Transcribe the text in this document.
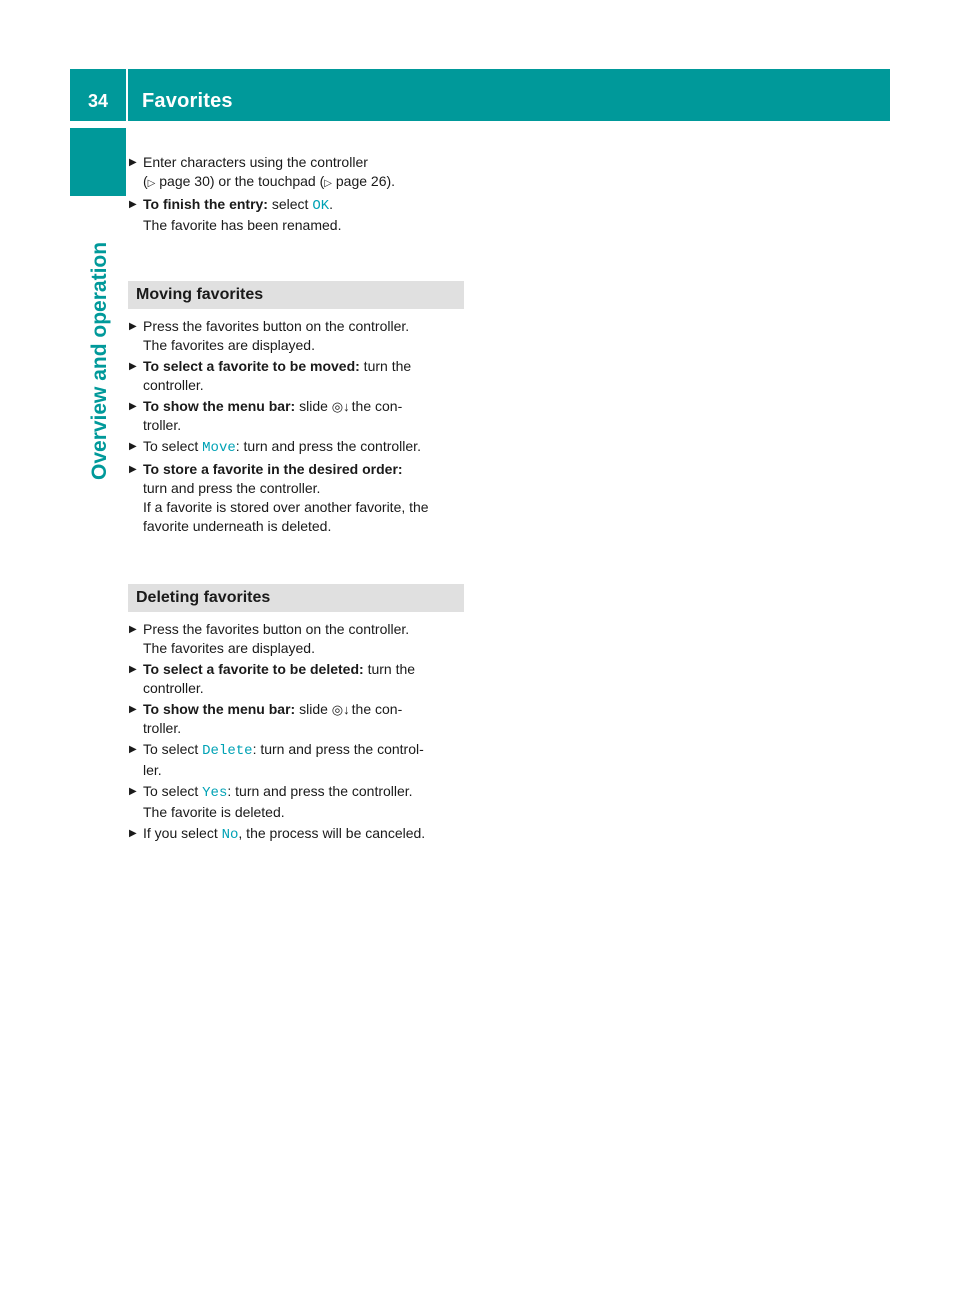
34	Favorites
Overview and operation
▶ Enter characters using the controller
(▷ page 30) or the touchpad (▷ page 26).
▶ To finish the entry: select OK.
The favorite has been renamed.
Moving favorites
▶ Press the favorites button on the controller.
The favorites are displayed.
▶ To select a favorite to be moved: turn the
controller.
▶ To show the menu bar: slide ◎↓ the con-
troller.
▶ To select Move: turn and press the controller.
▶ To store a favorite in the desired order:
turn and press the controller.
If a favorite is stored over another favorite, the
favorite underneath is deleted.
Deleting favorites
▶ Press the favorites button on the controller.
The favorites are displayed.
▶ To select a favorite to be deleted: turn the
controller.
▶ To show the menu bar: slide ◎↓ the con-
troller.
▶ To select Delete: turn and press the control-
ler.
▶ To select Yes: turn and press the controller.
The favorite is deleted.
▶ If you select No, the process will be canceled.
